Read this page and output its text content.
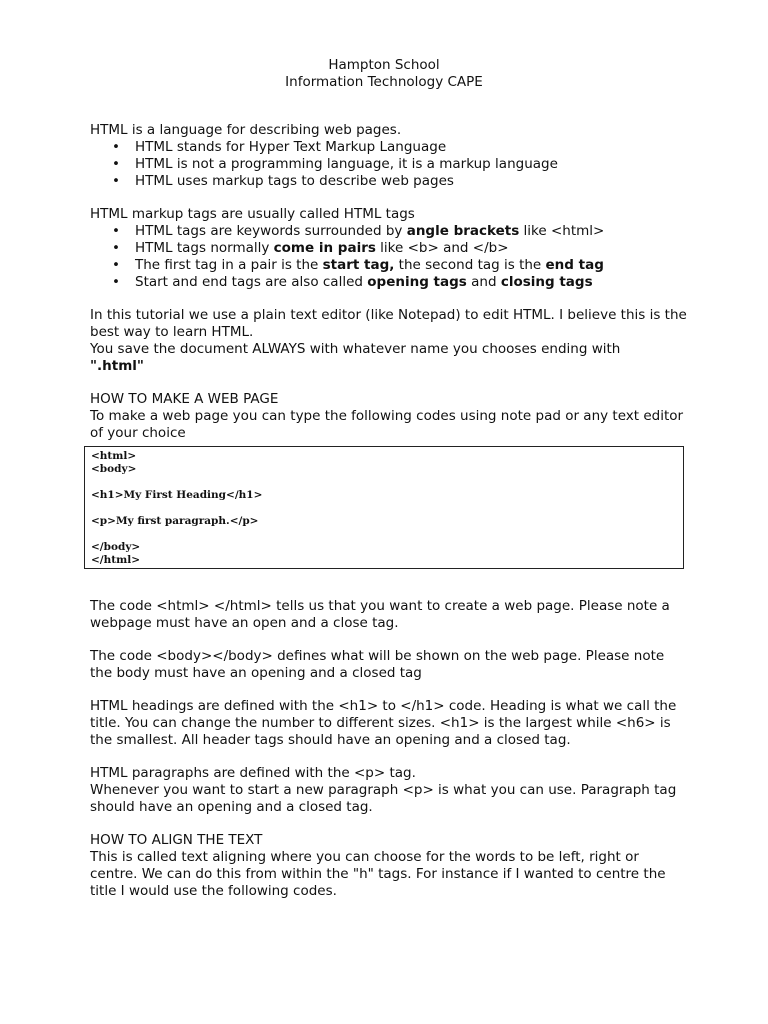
Hampton School
Information Technology CAPE

HTML is a language for describing web pages.

• HTML stands for Hyper Text Markup Language
• HTML is not a programming language, it is a markup language
• HTML uses markup tags to describe web pages

HTML markup tags are usually called HTML tags

• HTML tags are keywords surrounded by angle brackets like <html>
• HTML tags normally come in pairs like <b> and </b>
• The first tag in a pair is the start tag, the second tag is the end tag
• Start and end tags are also called opening tags and closing tags

In this tutorial we use a plain text editor (like Notepad) to edit HTML. I believe this is the best way to learn HTML.

You save the document ALWAYS with whatever name you chooses ending with

".html"

HOW TO MAKE A WEB PAGE

To make a web page you can type the following codes using note pad or any text editor of your choice

<html>
<body>
<h1>My First Heading</h1>
<p>My first paragraph.</p>
</body>
</html>

The code <html> </html> tells us that you want to create a web page. Please note a webpage must have an open and a close tag.

The code <body></body> defines what will be shown on the web page. Please note the body must have an opening and a closed tag

HTML headings are defined with the <h1> to </h1> code. Heading is what we call the title. You can change the number to different sizes. <h1> is the largest while <h6> is the smallest. All header tags should have an opening and a closed tag.

HTML paragraphs are defined with the <p> tag.

Whenever you want to start a new paragraph <p> is what you can use. Paragraph tag should have an opening and a closed tag.

HOW TO ALIGN THE TEXT

This is called text aligning where you can choose for the words to be left, right or centre. We can do this from within the "h" tags. For instance if I wanted to centre the title I would use the following codes.
